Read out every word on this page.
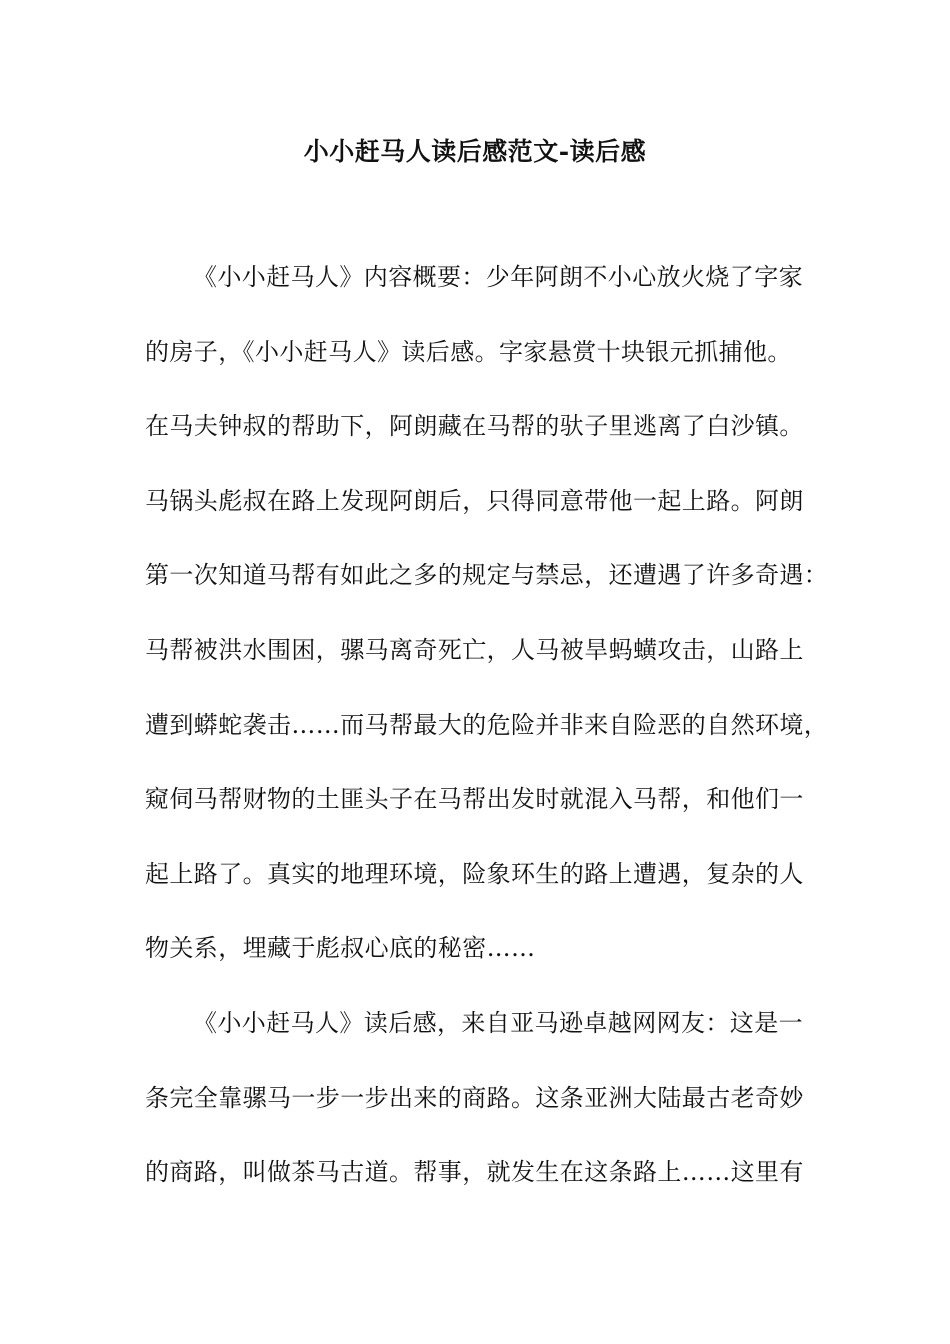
小小赶马人读后感范文-读后感
《小小赶马人》内容概要：少年阿朗不小心放火烧了字家
的房子，《小小赶马人》读后感。字家悬赏十块银元抓捕他。
在马夫钟叔的帮助下，阿朗藏在马帮的驮子里逃离了白沙镇。
马锅头彪叔在路上发现阿朗后，只得同意带他一起上路。阿朗
第一次知道马帮有如此之多的规定与禁忌，还遭遇了许多奇遇：
马帮被洪水围困，骡马离奇死亡，人马被旱蚂蟥攻击，山路上
遭到蟒蛇袭击……而马帮最大的危险并非来自险恶的自然环境，
窥伺马帮财物的土匪头子在马帮出发时就混入马帮，和他们一
起上路了。真实的地理环境，险象环生的路上遭遇，复杂的人
物关系，埋藏于彪叔心底的秘密……
《小小赶马人》读后感，来自亚马逊卓越网网友：这是一
条完全靠骡马一步一步出来的商路。这条亚洲大陆最古老奇妙
的商路，叫做茶马古道。帮事，就发生在这条路上……这里有
